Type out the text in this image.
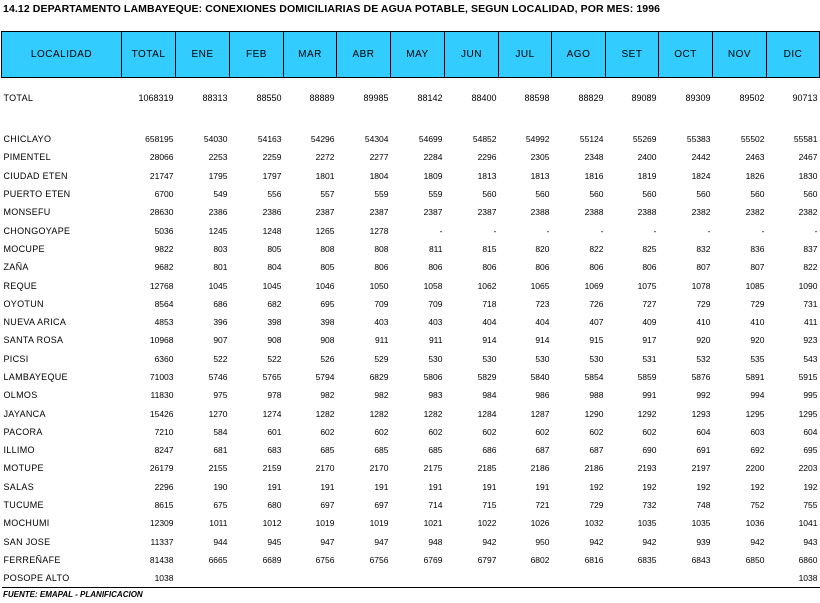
14.12 DEPARTAMENTO LAMBAYEQUE: CONEXIONES DOMICILIARIAS DE AGUA POTABLE, SEGUN LOCALIDAD, POR MES: 1996
LOCALIDAD	TOTAL	ENE	FEB	MAR	ABR	MAY	JUN	JUL	AGO	SET	OCT	NOV	DIC

TOTAL	1068319	88313	88550	88889	89985	88142	88400	88598	88829	89089	89309	89502	90713

CHICLAYO	658195	54030	54163	54296	54304	54699	54852	54992	55124	55269	55383	55502	55581
PIMENTEL	28066	2253	2259	2272	2277	2284	2296	2305	2348	2400	2442	2463	2467
CIUDAD ETEN	21747	1795	1797	1801	1804	1809	1813	1813	1816	1819	1824	1826	1830
PUERTO ETEN	6700	549	556	557	559	559	560	560	560	560	560	560	560
MONSEFU	28630	2386	2386	2387	2387	2387	2387	2388	2388	2388	2382	2382	2382
CHONGOYAPE	5036	1245	1248	1265	1278	-	-	-	-	-	-	-	-
MOCUPE	9822	803	805	808	808	811	815	820	822	825	832	836	837
ZAÑA	9682	801	804	805	806	806	806	806	806	806	807	807	822
REQUE	12768	1045	1045	1046	1050	1058	1062	1065	1069	1075	1078	1085	1090
OYOTUN	8564	686	682	695	709	709	718	723	726	727	729	729	731
NUEVA ARICA	4853	396	398	398	403	403	404	404	407	409	410	410	411
SANTA ROSA	10968	907	908	908	911	911	914	914	915	917	920	920	923
PICSI	6360	522	522	526	529	530	530	530	530	531	532	535	543
LAMBAYEQUE	71003	5746	5765	5794	6829	5806	5829	5840	5854	5859	5876	5891	5915
OLMOS	11830	975	978	982	982	983	984	986	988	991	992	994	995
JAYANCA	15426	1270	1274	1282	1282	1282	1284	1287	1290	1292	1293	1295	1295
PACORA	7210	584	601	602	602	602	602	602	602	602	604	603	604
ILLIMO	8247	681	683	685	685	685	686	687	687	690	691	692	695
MOTUPE	26179	2155	2159	2170	2170	2175	2185	2186	2186	2193	2197	2200	2203
SALAS	2296	190	191	191	191	191	191	191	192	192	192	192	192
TUCUME	8615	675	680	697	697	714	715	721	729	732	748	752	755
MOCHUMI	12309	1011	1012	1019	1019	1021	1022	1026	1032	1035	1035	1036	1041
SAN JOSE	11337	944	945	947	947	948	942	950	942	942	939	942	943
FERREÑAFE	81438	6665	6689	6756	6756	6769	6797	6802	6816	6835	6843	6850	6860
POSOPE ALTO	1038												1038
FUENTE: EMAPAL - PLANIFICACION
